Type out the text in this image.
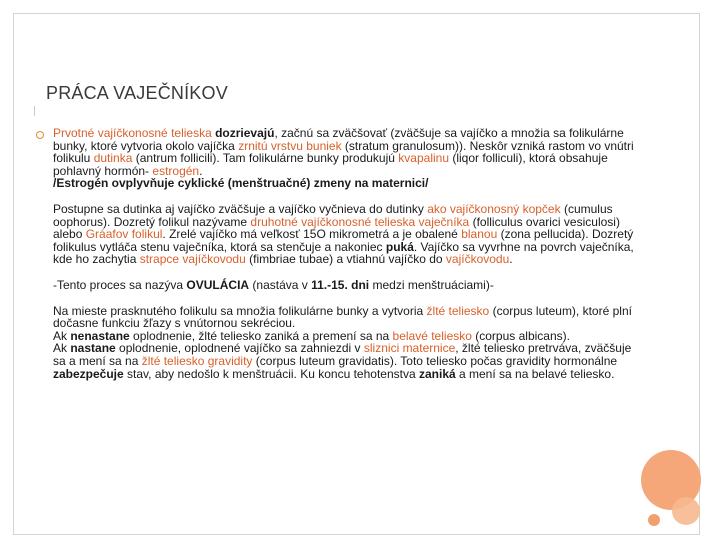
PRÁCA VAJEČNÍKOV

Prvotné vajíčkonosné telieska dozrievajú, začnú sa zväčšovať (zväčšuje sa vajíčko a množia sa folikulárne bunky, ktoré vytvoria okolo vajíčka zrnitú vrstvu buniek (stratum granulosum)). Neskôr vzniká rastom vo vnútri folikulu dutinka (antrum follicili). Tam folikulárne bunky produkujú kvapalinu (liqor folliculi), ktorá obsahuje pohlavný hormón- estrogén.

/Estrogén ovplyvňuje cyklické (menštruačné) zmeny na maternici/

Postupne sa dutinka aj vajíčko zväčšuje a vajíčko vyčnieva do dutinky ako vajíčkonosný kopček (cumulus oophorus). Dozretý folikul nazývame druhotné vajíčkonosné telieska vaječníka (folliculus ovarici vesiculosi) alebo Gráafov folikul. Zrelé vajíčko má veľkosť 15O mikrometrá a je obalené blanou (zona pellucida). Dozretý folikulus vytláča stenu vaječníka, ktorá sa stenčuje a nakoniec puká. Vajíčko sa vyvrhne na povrch vaječníka, kde ho zachytia strapce vajíčkovodu (fimbriae tubae) a vtiahnú vajíčko do vajíčkovodu.

-Tento proces sa nazýva OVULÁCIA (nastáva v 11.-15. dni medzi menštruáciami)-

Na mieste prasknutého folikulu sa množia folikulárne bunky a vytvoria žlté teliesko (corpus luteum), ktoré plní dočasne funkciu žľazy s vnútornou sekréciou.

Ak nenastane oplodnenie, žlté teliesko zaniká a premení sa na belavé teliesko (corpus albicans).

Ak nastane oplodnenie, oplodnené vajíčko sa zahniezdi v sliznici maternice, žlté teliesko pretrváva, zväčšuje sa a mení sa na žlté teliesko gravidity (corpus luteum gravidatis). Toto teliesko počas gravidity hormonálne zabezpečuje stav, aby nedošlo k menštruácii. Ku koncu tehotenstva zaniká a mení sa na belavé teliesko.
